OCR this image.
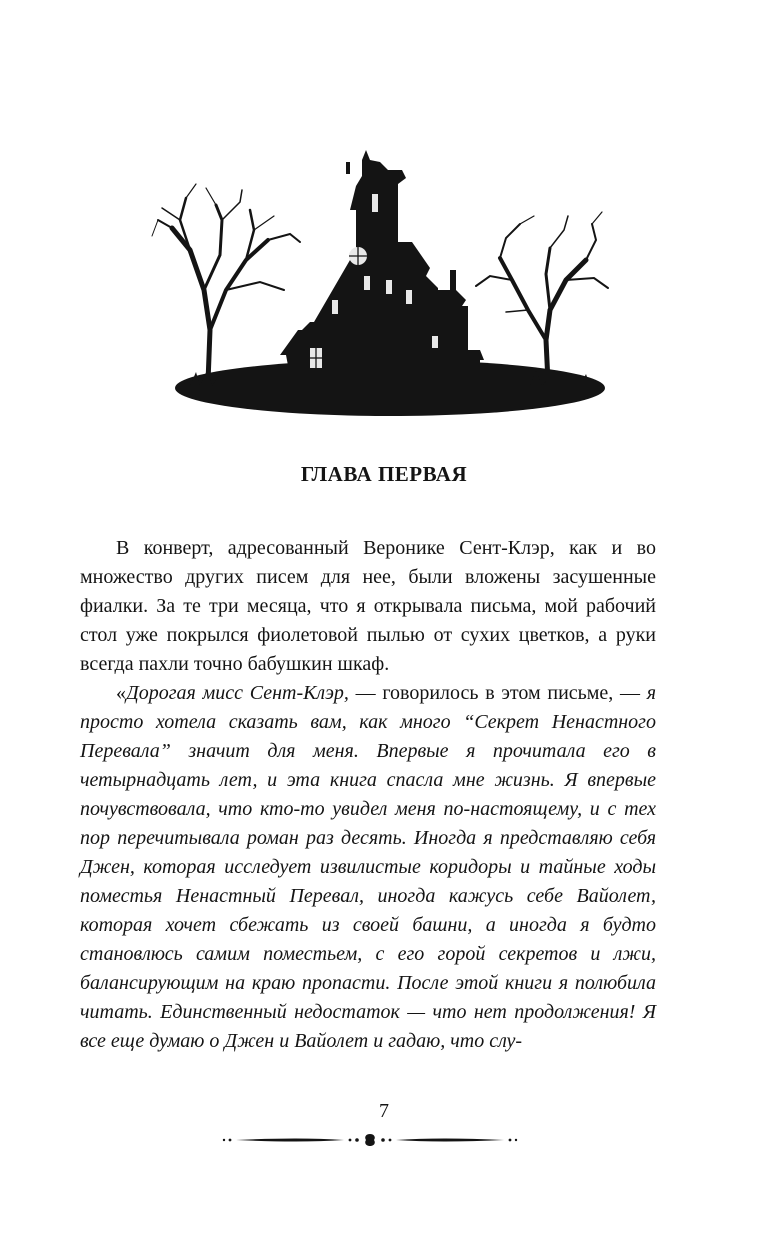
ГЛАВА ПЕРВАЯ

В конверт, адресованный Веронике Сент-Клэр, как и во множество других писем для нее, были вложены засушенные фиалки. За те три месяца, что я открывала письма, мой рабочий стол уже покрылся фиолетовой пылью от сухих цветков, а руки всегда пахли точно бабушкин шкаф.

«Дорогая мисс Сент-Клэр, — говорилось в этом письме, — я просто хотела сказать вам, как много “Секрет Ненастного Перевала” значит для меня. Впервые я прочитала его в четырнадцать лет, и эта книга спасла мне жизнь. Я впервые почувствовала, что кто-то увидел меня по-настоящему, и с тех пор перечитывала роман раз десять. Иногда я представляю себя Джен, которая исследует извилистые коридоры и тайные ходы поместья Ненастный Перевал, иногда кажусь себе Вайолет, которая хочет сбежать из своей башни, а иногда я будто становлюсь самим поместьем, с его горой секретов и лжи, балансирующим на краю пропасти. После этой книги я полюбила читать. Единственный недостаток — что нет продолжения! Я все еще думаю о Джен и Вайолет и гадаю, что слу-

7
